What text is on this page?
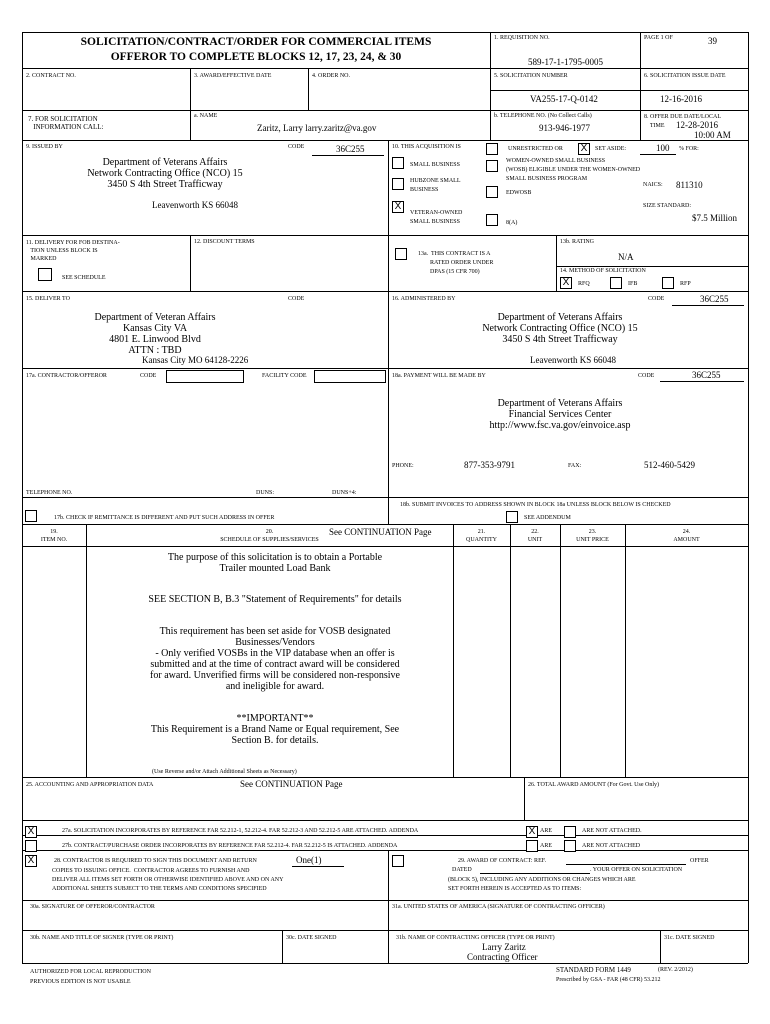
SOLICITATION/CONTRACT/ORDER FOR COMMERCIAL ITEMS
OFFEROR TO COMPLETE BLOCKS 12, 17, 23, 24, & 30
1. REQUISITION NO.
589-17-1-1795-0005
PAGE 1 OF	39
2. CONTRACT NO.	3. AWARD/EFFECTIVE DATE	4. ORDER NO.	5. SOLICITATION NUMBER	6. SOLICITATION ISSUE DATE
VA255-17-Q-0142	12-16-2016
7. FOR SOLICITATION
INFORMATION CALL:
a. NAME
Zaritz, Larry larry.zaritz@va.gov
b. TELEPHONE NO. (No Collect Calls)
913-946-1977
8. OFFER DUE DATE/LOCAL
TIME	12-28-2016
10:00 AM
9. ISSUED BY	CODE	36C255
Department of Veterans Affairs
Network Contracting Office (NCO) 15
3450 S 4th Street Trafficway
Leavenworth KS 66048
10. THIS ACQUISITION IS	UNRESTRICTED OR X	SET ASIDE:	100 % FOR:
SMALL BUSINESS
WOMEN-OWNED SMALL BUSINESS
(WOSB) ELIGIBLE UNDER THE WOMEN-OWNED
SMALL BUSINESS PROGRAM
HUBZONE SMALL
BUSINESS
NAICS: 811310
EDWOSB
SIZE STANDARD:
X
VETERAN-OWNED
SMALL BUSINESS	8(A)	$7.5 Million
11. DELIVERY FOR FOB DESTINA-
TION UNLESS BLOCK IS
MARKED
SEE SCHEDULE
12. DISCOUNT TERMS
13a.  THIS CONTRACT IS A
RATED ORDER UNDER
DPAS (15 CFR 700)
13b. RATING
N/A
14. METHOD OF SOLICITATION
X	RFQ	IFB	RFP
15. DELIVER TO	CODE
Department of Veteran Affairs
Kansas City VA
4801 E. Linwood Blvd
ATTN : TBD
Kansas City MO 64128-2226
16. ADMINISTERED BY	CODE	36C255
Department of Veterans Affairs
Network Contracting Office (NCO) 15
3450 S 4th Street Trafficway
Leavenworth KS 66048
17a. CONTRACTOR/OFFEROR	CODE	FACILITY CODE	18a. PAYMENT WILL BE MADE BY	CODE	36C255
Department of Veterans Affairs
Financial Services Center
http://www.fsc.va.gov/einvoice.asp
PHONE:	877-353-9791	FAX:	512-460-5429
TELEPHONE NO.	DUNS:	DUNS+4:
17b. CHECK IF REMITTANCE IS DIFFERENT AND PUT SUCH ADDRESS IN OFFER
18b. SUBMIT INVOICES TO ADDRESS SHOWN IN BLOCK 18a UNLESS BLOCK BELOW IS CHECKED
SEE ADDENDUM
19.
ITEM NO.
20.
SCHEDULE OF SUPPLIES/SERVICES
See CONTINUATION Page	21.
QUANTITY
22.
UNIT
23.
UNIT PRICE
24.
AMOUNT
The purpose of this solicitation is to obtain a Portable
Trailer mounted Load Bank
SEE SECTION B, B.3 "Statement of Requirements" for details
This requirement has been set aside for VOSB designated
Businesses/Vendors
- Only verified VOSBs in the VIP database when an offer is
submitted and at the time of contract award will be considered
for award. Unverified firms will be considered non-responsive
and ineligible for award.
**IMPORTANT**
This Requirement is a Brand Name or Equal requirement, See
Section B. for details.
(Use Reverse and/or Attach Additional Sheets as Necessary)
25. ACCOUNTING AND APPROPRIATION DATA	See CONTINUATION Page	26. TOTAL AWARD AMOUNT (For Govt. Use Only)
X	27a. SOLICITATION INCORPORATES BY REFERENCE FAR 52.212-1, 52.212-4. FAR 52.212-3 AND 52.212-5 ARE ATTACHED. ADDENDA	X ARE	ARE NOT ATTACHED.
27b. CONTRACT/PURCHASE ORDER INCORPORATES BY REFERENCE FAR 52.212-4. FAR 52.212-5 IS ATTACHED. ADDENDA	ARE	ARE NOT ATTACHED
X	28. CONTRACTOR IS REQUIRED TO SIGN THIS DOCUMENT AND RETURN	One(1)
COPIES TO ISSUING OFFICE.  CONTRACTOR AGREES TO FURNISH AND
DELIVER ALL ITEMS SET FORTH OR OTHERWISE IDENTIFIED ABOVE AND ON ANY
ADDITIONAL SHEETS SUBJECT TO THE TERMS AND CONDITIONS SPECIFIED
29. AWARD OF CONTRACT: REF.	OFFER
DATED	. YOUR OFFER ON SOLICITATION
(BLOCK 5), INCLUDING ANY ADDITIONS OR CHANGES WHICH ARE
SET FORTH HEREIN IS ACCEPTED AS TO ITEMS:
30a. SIGNATURE OF OFFEROR/CONTRACTOR	31a. UNITED STATES OF AMERICA (SIGNATURE OF CONTRACTING OFFICER)
30b. NAME AND TITLE OF SIGNER (TYPE OR PRINT)	30c. DATE SIGNED	31b. NAME OF CONTRACTING OFFICER (TYPE OR PRINT)
Larry Zaritz
Contracting Officer
31c. DATE SIGNED
AUTHORIZED FOR LOCAL REPRODUCTION
PREVIOUS EDITION IS NOT USABLE
STANDARD FORM 1449	(REV. 2/2012)
Prescribed by GSA - FAR (48 CFR) 53.212
